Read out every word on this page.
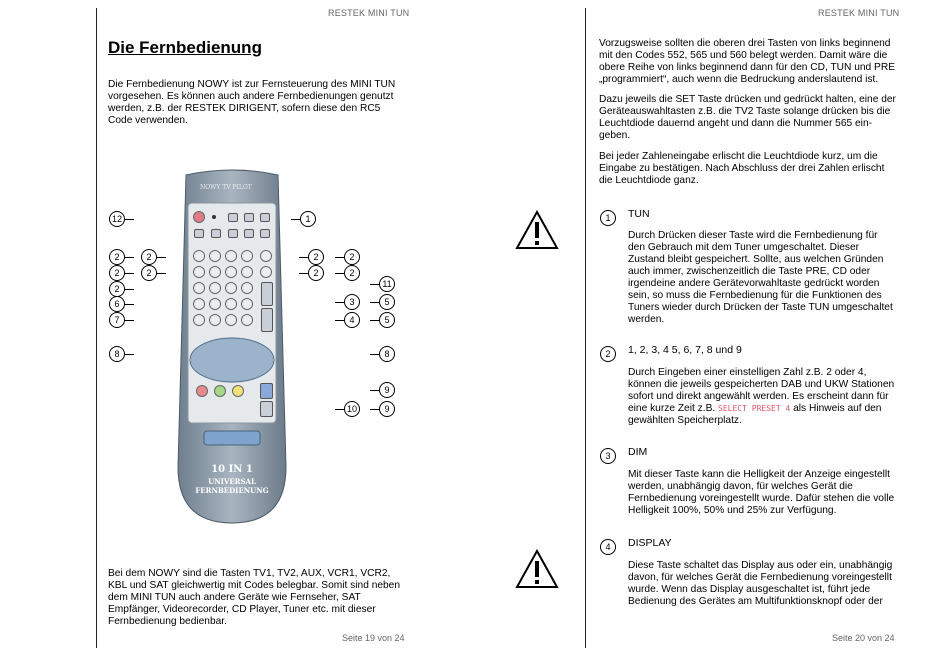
RESTEK MINI TUN	RESTEK MINI TUN
Seite 19 von 24	Seite 20 von 24
Die Fernbedienung

Die Fernbedienung NOWY ist zur Fernsteuerung des MINI TUN

vorgesehen. Es können auch andere Fernbedienungen genutzt

werden, z.B. der RESTEK DIRIGENT, sofern diese den RC5

Code verwenden.

NOWY TV PILOT
10 IN 1
UNIVERSAL
FERNBEDIENUNG
12	1
2	2	2	2
2	2	2	2
2	11
6	3	5
7	4	5
8	8
9
10	9

Bei dem NOWY sind die Tasten TV1, TV2, AUX, VCR1, VCR2,

KBL und SAT gleichwertig mit Codes belegbar. Somit sind neben

dem MINI TUN auch andere Geräte wie Fernseher, SAT

Empfänger, Videorecorder, CD Player, Tuner etc. mit dieser

Fernbedienung bedienbar.

Vorzugsweise sollten die oberen drei Tasten von links beginnend

mit den Codes 552, 565 und 560 belegt werden. Damit wäre die

obere Reihe von links beginnend dann für den CD, TUN und PRE

„programmiert“, auch wenn die Bedruckung anderslautend ist.

Dazu jeweils die SET Taste drücken und gedrückt halten, eine der

Geräteauswahltasten z.B. die TV2 Taste solange drücken bis die

Leuchtdiode dauernd angeht und dann die Nummer 565 ein-

geben.

Bei jeder Zahleneingabe erlischt die Leuchtdiode kurz, um die

Eingabe zu bestätigen. Nach Abschluss der drei Zahlen erlischt

die Leuchtdiode ganz.

1	TUN

Durch Drücken dieser Taste wird die Fernbedienung für

den Gebrauch mit dem Tuner umgeschaltet. Dieser

Zustand bleibt gespeichert. Sollte, aus welchen Gründen

auch immer, zwischenzeitlich die Taste PRE, CD oder

irgendeine andere Gerätevorwahltaste gedrückt worden

sein, so muss die Fernbedienung für die Funktionen des

Tuners wieder durch Drücken der Taste TUN umgeschaltet

werden.

2	1, 2, 3, 4 5, 6, 7, 8 und 9

Durch Eingeben einer einstelligen Zahl z.B. 2 oder 4,

können die jeweils gespeicherten DAB und UKW Stationen

sofort und direkt angewählt werden. Es erscheint dann für

eine kurze Zeit z.B. SELECT PRESET 4 als Hinweis auf den

gewählten Speicherplatz.

3	DIM

Mit dieser Taste kann die Helligkeit der Anzeige eingestellt

werden, unabhängig davon, für welches Gerät die

Fernbedienung voreingestellt wurde. Dafür stehen die volle

Helligkeit 100%, 50% und 25% zur Verfügung.

4	DISPLAY

Diese Taste schaltet das Display aus oder ein, unabhängig

davon, für welches Gerät die Fernbedienung voreingestellt

wurde. Wenn das Display ausgeschaltet ist, führt jede

Bedienung des Gerätes am Multifunktionsknopf oder der
